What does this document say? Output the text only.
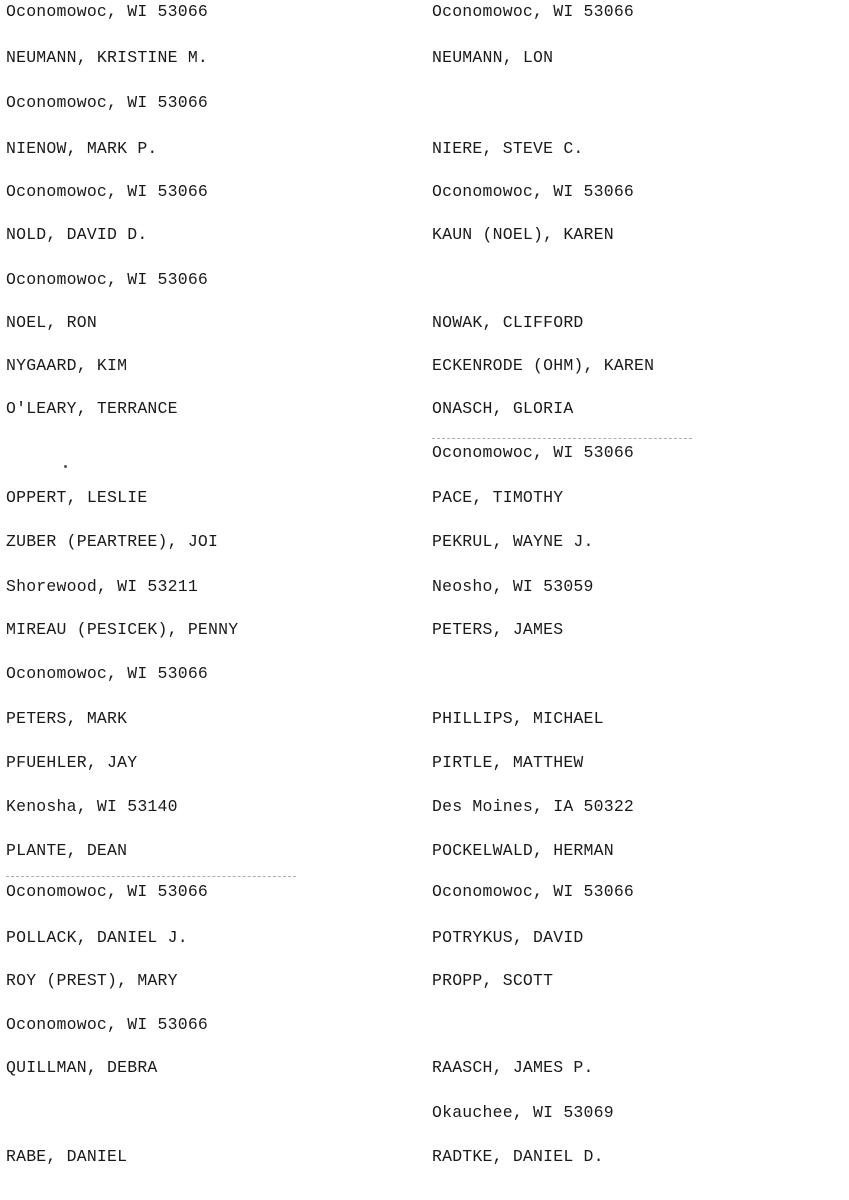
Oconomowoc, WI 53066
NEUMANN, KRISTINE M.
Oconomowoc, WI 53066
NIENOW, MARK P.
Oconomowoc, WI 53066
NOLD, DAVID D.
Oconomowoc, WI 53066
NOEL, RON
NYGAARD, KIM
O'LEARY, TERRANCE
OPPERT, LESLIE
ZUBER (PEARTREE), JOI
Shorewood, WI 53211
MIREAU (PESICEK), PENNY
Oconomowoc, WI 53066
PETERS, MARK
PFUEHLER, JAY
Kenosha, WI 53140
PLANTE, DEAN
Oconomowoc, WI 53066
POLLACK, DANIEL J.
ROY (PREST), MARY
Oconomowoc, WI 53066
QUILLMAN, DEBRA
RABE, DANIEL
Oconomowoc, WI 53066
NEUMANN, LON
NIERE, STEVE C.
Oconomowoc, WI 53066
KAUN (NOEL), KAREN
NOWAK, CLIFFORD
ECKENRODE (OHM), KAREN
ONASCH, GLORIA
Oconomowoc, WI 53066
PACE, TIMOTHY
PEKRUL, WAYNE J.
Neosho, WI 53059
PETERS, JAMES
PHILLIPS, MICHAEL
PIRTLE, MATTHEW
Des Moines, IA 50322
POCKELWALD, HERMAN
Oconomowoc, WI 53066
POTRYKUS, DAVID
PROPP, SCOTT
RAASCH, JAMES P.
Okauchee, WI 53069
RADTKE, DANIEL D.
